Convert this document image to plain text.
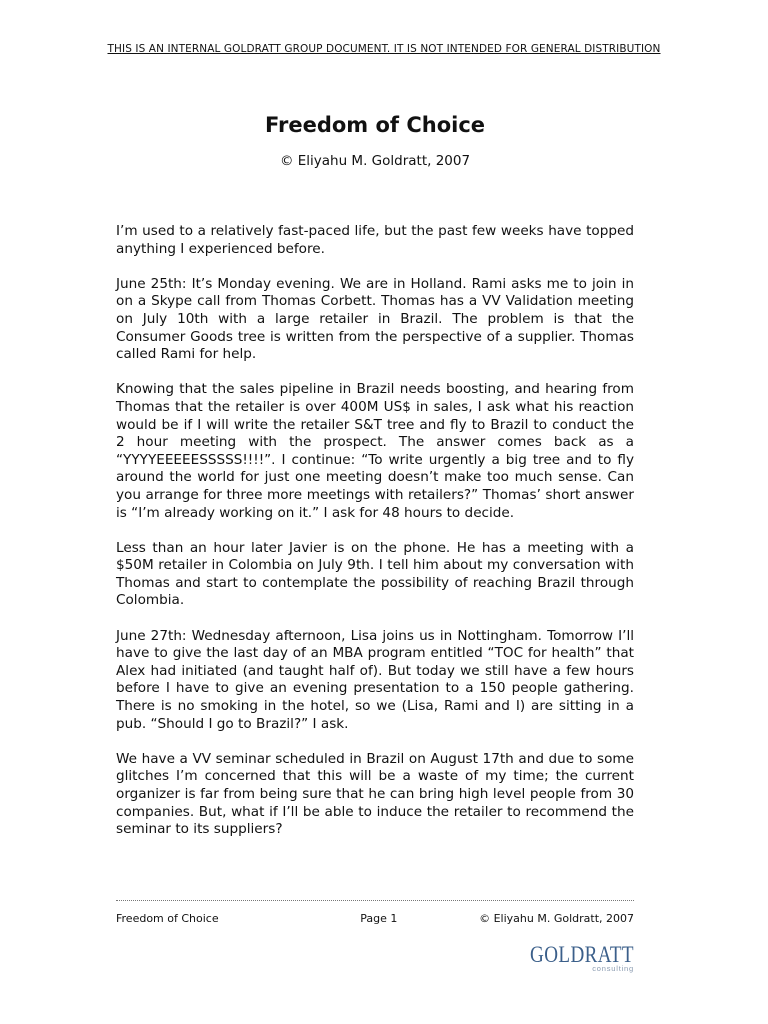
THIS IS AN INTERNAL GOLDRATT GROUP DOCUMENT. IT IS NOT INTENDED FOR GENERAL DISTRIBUTION
Freedom of Choice
© Eliyahu M. Goldratt, 2007

I’m used to a relatively fast-paced life, but the past few weeks have topped anything I experienced before.

June 25th: It’s Monday evening. We are in Holland. Rami asks me to join in on a Skype call from Thomas Corbett. Thomas has a VV Validation meeting on July 10th with a large retailer in Brazil. The problem is that the Consumer Goods tree is written from the perspective of a supplier. Thomas called Rami for help.

Knowing that the sales pipeline in Brazil needs boosting, and hearing from Thomas that the retailer is over 400M US$ in sales, I ask what his reaction would be if I will write the retailer S&T tree and fly to Brazil to conduct the 2 hour meeting with the prospect. The answer comes back as a “YYYYEEEEESSSSS!!!!”. I continue: “To write urgently a big tree and to fly around the world for just one meeting doesn’t make too much sense. Can you arrange for three more meetings with retailers?” Thomas’ short answer is “I’m already working on it.” I ask for 48 hours to decide.

Less than an hour later Javier is on the phone. He has a meeting with a $50M retailer in Colombia on July 9th. I tell him about my conversation with Thomas and start to contemplate the possibility of reaching Brazil through Colombia.

June 27th: Wednesday afternoon, Lisa joins us in Nottingham. Tomorrow I’ll have to give the last day of an MBA program entitled “TOC for health” that Alex had initiated (and taught half of). But today we still have a few hours before I have to give an evening presentation to a 150 people gathering. There is no smoking in the hotel, so we (Lisa, Rami and I) are sitting in a pub. “Should I go to Brazil?” I ask.

We have a VV seminar scheduled in Brazil on August 17th and due to some glitches I’m concerned that this will be a waste of my time; the current organizer is far from being sure that he can bring high level people from 30 companies. But, what if I’ll be able to induce the retailer to recommend the seminar to its suppliers?

Freedom of Choice	Page 1	© Eliyahu M. Goldratt, 2007
GOLDRATT
consulting
